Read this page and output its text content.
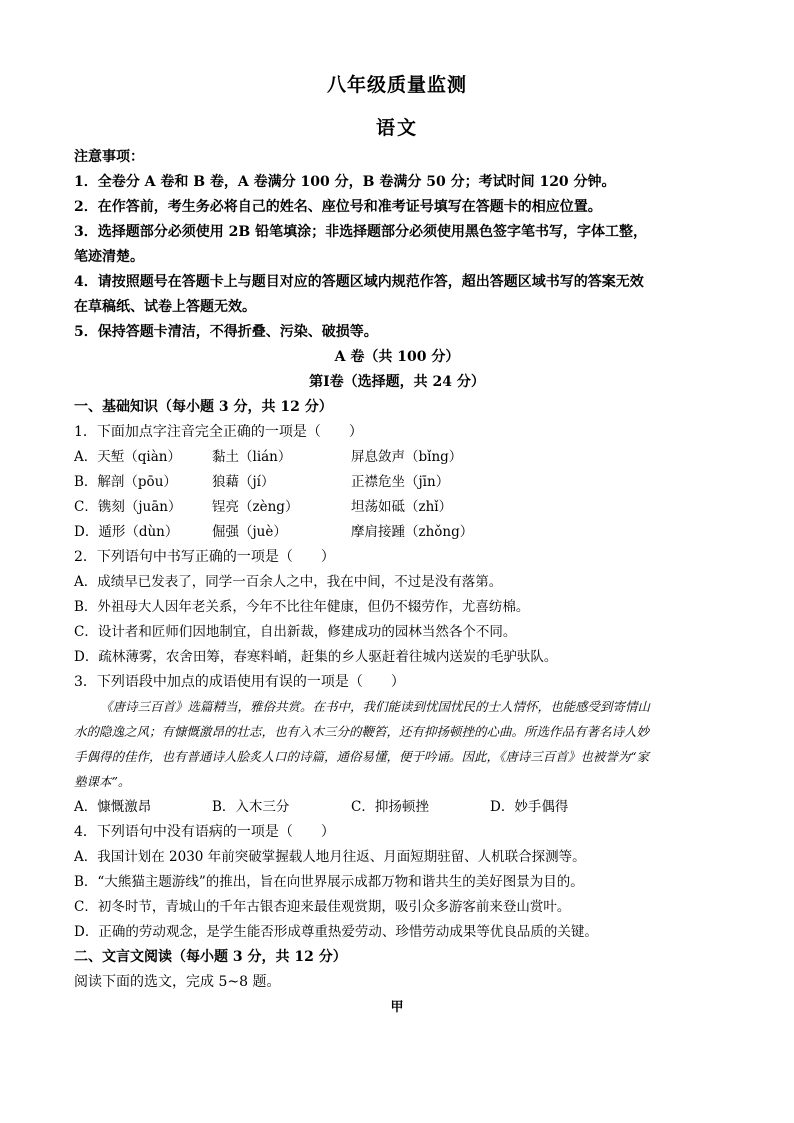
八年级质量监测
语文
注意事项：
1．全卷分 A 卷和 B 卷，A 卷满分 100 分，B 卷满分 50 分；考试时间 120 分钟。
2．在作答前，考生务必将自己的姓名、座位号和准考证号填写在答题卡的相应位置。
3．选择题部分必须使用 2B 铅笔填涂；非选择题部分必须使用黑色签字笔书写，字体工整，
笔迹清楚。
4．请按照题号在答题卡上与题目对应的答题区域内规范作答，超出答题区域书写的答案无效
在草稿纸、试卷上答题无效。
5．保持答题卡清洁，不得折叠、污染、破损等。
A 卷（共 100 分）
第Ⅰ卷（选择题，共 24 分）
一、基础知识（每小题 3 分，共 12 分）
1．下面加点字注音完全正确的一项是（　　）
A．天堑（qiàn） 黏土（lián）	屏息敛声（bǐng）
B．解剖（pōu）	狼藉（jí）	正襟危坐（jīn）
C．镌刻（juān） 锃亮（zèng）	坦荡如砥（zhǐ）
D．遁形（dùn） 倔强（juè）	摩肩接踵（zhǒng）
2．下列语句中书写正确的一项是（　　）
A．成绩早已发表了，同学一百余人之中，我在中间，不过是没有落第。
B．外祖母大人因年老关系，今年不比往年健康，但仍不辍劳作，尤喜纺棉。
C．设计者和匠师们因地制宜，自出新裁，修建成功的园林当然各个不同。
D．疏林薄雾，农舍田筹，春寒料峭，赶集的乡人驱赶着往城内送炭的毛驴驮队。
3．下列语段中加点的成语使用有误的一项是（　　）
《唐诗三百首》选篇精当，雅俗共赏。在书中，我们能读到忧国忧民的士人情怀，也能感受到寄情山
水的隐逸之风；有慷慨激昂的壮志，也有入木三分的鞭笞，还有抑扬顿挫的心曲。所选作品有著名诗人妙
手偶得的佳作，也有普通诗人脍炙人口的诗篇，通俗易懂，便于吟诵。因此，《唐诗三百首》也被誉为“家
塾课本”。
A．慷慨激昂	B．入木三分	C．抑扬顿挫	D．妙手偶得
4．下列语句中没有语病的一项是（　　）
A．我国计划在 2030 年前突破掌握载人地月往返、月面短期驻留、人机联合探测等。
B．“大熊猫主题游线”的推出，旨在向世界展示成都万物和谐共生的美好图景为目的。
C．初冬时节，青城山的千年古银杏迎来最佳观赏期，吸引众多游客前来登山赏叶。
D．正确的劳动观念，是学生能否形成尊重热爱劳动、珍惜劳动成果等优良品质的关键。
二、文言文阅读（每小题 3 分，共 12 分）
阅读下面的选文，完成 5~8 题。
甲
